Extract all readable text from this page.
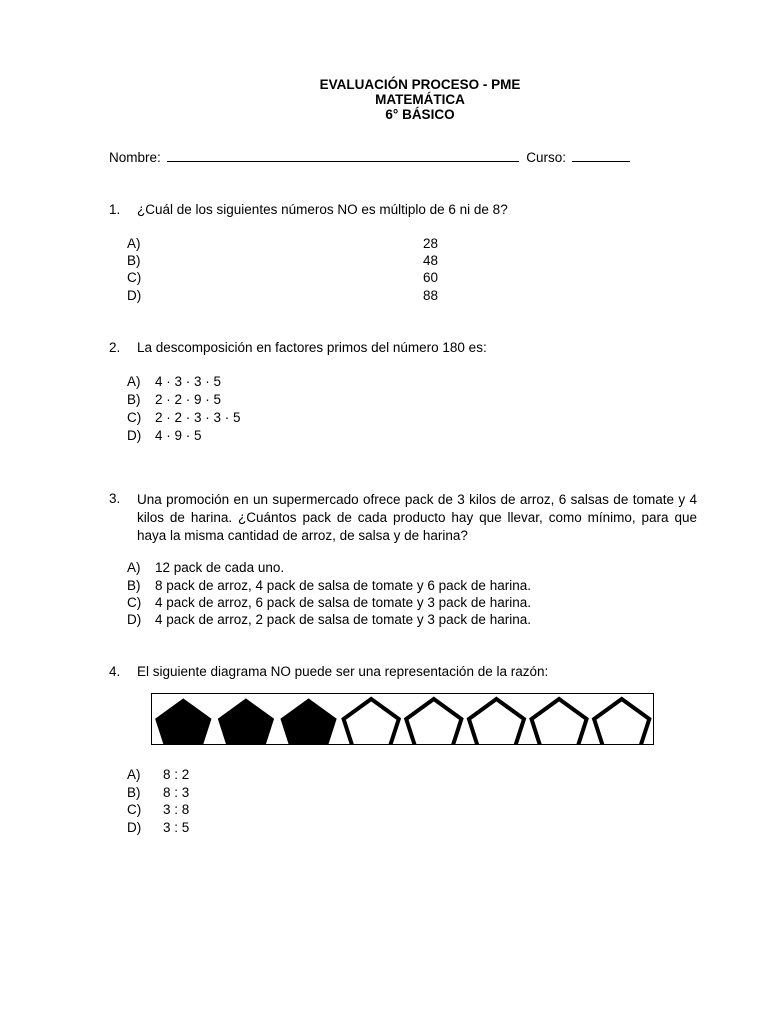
EVALUACIÓN PROCESO - PME
MATEMÁTICA
6° BÁSICO
Nombre:	Curso:
1. ¿Cuál de los siguientes números NO es múltiplo de 6 ni de 8?
A)	28
B)	48
C)	60
D)	88
2. La descomposición en factores primos del número 180 es:
A) 4 · 3 · 3 · 5
B) 2 · 2 · 9 · 5
C) 2 · 2 · 3 · 3 · 5
D) 4 · 9 · 5
3. Una promoción en un supermercado ofrece pack de 3 kilos de arroz, 6 salsas de tomate y 4 kilos de harina. ¿Cuántos pack de cada producto hay que llevar, como mínimo, para que haya la misma cantidad de arroz, de salsa y de harina?
A) 12 pack de cada uno.
B) 8 pack de arroz, 4 pack de salsa de tomate y 6 pack de harina.
C) 4 pack de arroz, 6 pack de salsa de tomate y 3 pack de harina.
D) 4 pack de arroz, 2 pack de salsa de tomate y 3 pack de harina.
4. El siguiente diagrama NO puede ser una representación de la razón:
A) 8 : 2
B) 8 : 3
C) 3 : 8
D) 3 : 5
